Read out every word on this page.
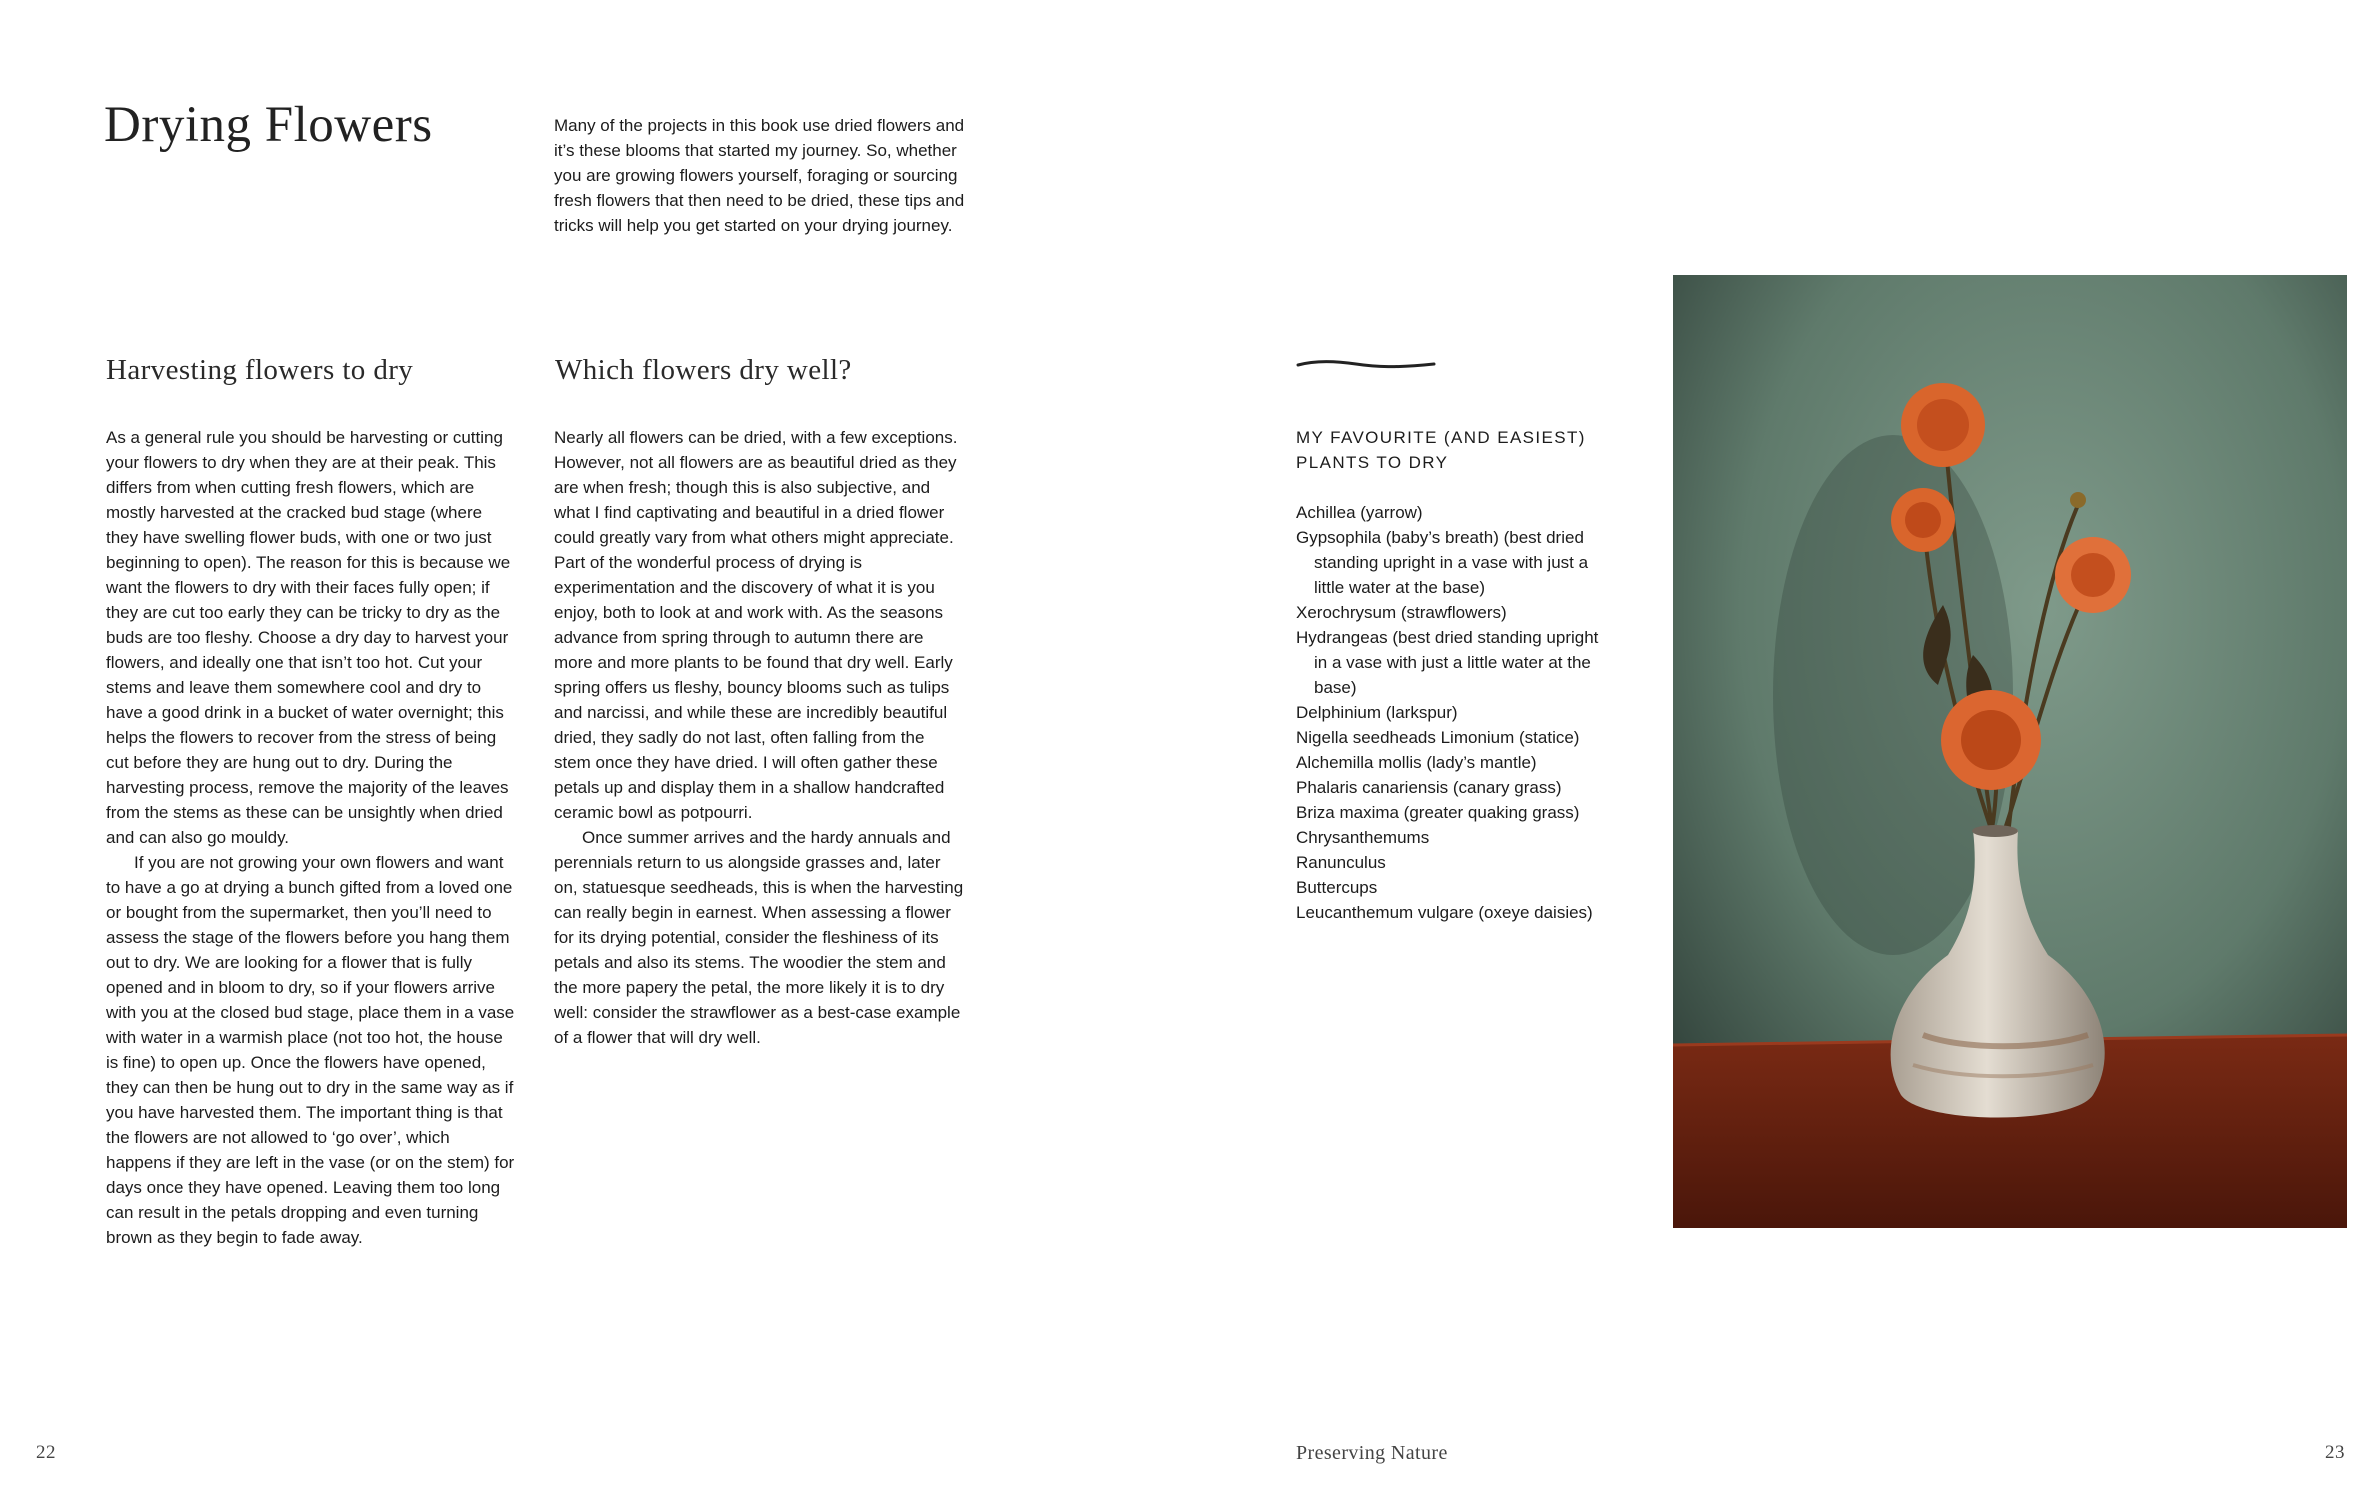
Drying Flowers	Many of the projects in this book use dried flowers and it’s these blooms that started my journey. So, whether you are growing flowers yourself, foraging or sourcing fresh flowers that then need to be dried, these tips and tricks will help you get started on your drying journey.

Harvesting flowers to dry	Which flowers dry well?

As a general rule you should be harvesting or cutting your flowers to dry when they are at their peak. This differs from when cutting fresh flowers, which are mostly harvested at the cracked bud stage (where they have swelling flower buds, with one or two just beginning to open). The reason for this is because we want the flowers to dry with their faces fully open; if they are cut too early they can be tricky to dry as the buds are too fleshy. Choose a dry day to harvest your flowers, and ideally one that isn’t too hot. Cut your stems and leave them somewhere cool and dry to have a good drink in a bucket of water overnight; this helps the flowers to recover from the stress of being cut before they are hung out to dry. During the harvesting process, remove the majority of the leaves from the stems as these can be unsightly when dried and can also go mouldy.

If you are not growing your own flowers and want to have a go at drying a bunch gifted from a loved one or bought from the supermarket, then you’ll need to assess the stage of the flowers before you hang them out to dry. We are looking for a flower that is fully opened and in bloom to dry, so if your flowers arrive with you at the closed bud stage, place them in a vase with water in a warmish place (not too hot, the house is fine) to open up. Once the flowers have opened, they can then be hung out to dry in the same way as if you have harvested them. The important thing is that the flowers are not allowed to ‘go over’, which happens if they are left in the vase (or on the stem) for days once they have opened. Leaving them too long can result in the petals dropping and even turning brown as they begin to fade away.

Nearly all flowers can be dried, with a few exceptions. However, not all flowers are as beautiful dried as they are when fresh; though this is also subjective, and what I find captivating and beautiful in a dried flower could greatly vary from what others might appreciate. Part of the wonderful process of drying is experimentation and the discovery of what it is you enjoy, both to look at and work with. As the seasons advance from spring through to autumn there are more and more plants to be found that dry well. Early spring offers us fleshy, bouncy blooms such as tulips and narcissi, and while these are incredibly beautiful dried, they sadly do not last, often falling from the stem once they have dried. I will often gather these petals up and display them in a shallow handcrafted ceramic bowl as potpourri.

Once summer arrives and the hardy annuals and perennials return to us alongside grasses and, later on, statuesque seedheads, this is when the harvesting can really begin in earnest. When assessing a flower for its drying potential, consider the fleshiness of its petals and also its stems. The woodier the stem and the more papery the petal, the more likely it is to dry well: consider the strawflower as a best-case example of a flower that will dry well.

MY FAVOURITE (AND EASIEST) PLANTS TO DRY

Achillea (yarrow)
Gypsophila (baby’s breath) (best dried standing upright in a vase with just a little water at the base)
Xerochrysum (strawflowers)
Hydrangeas (best dried standing upright in a vase with just a little water at the base)
Delphinium (larkspur)
Nigella seedheads Limonium (statice)
Alchemilla mollis (lady’s mantle)
Phalaris canariensis (canary grass)
Briza maxima (greater quaking grass)
Chrysanthemums
Ranunculus
Buttercups
Leucanthemum vulgare (oxeye daisies)
22	Preserving Nature	23
